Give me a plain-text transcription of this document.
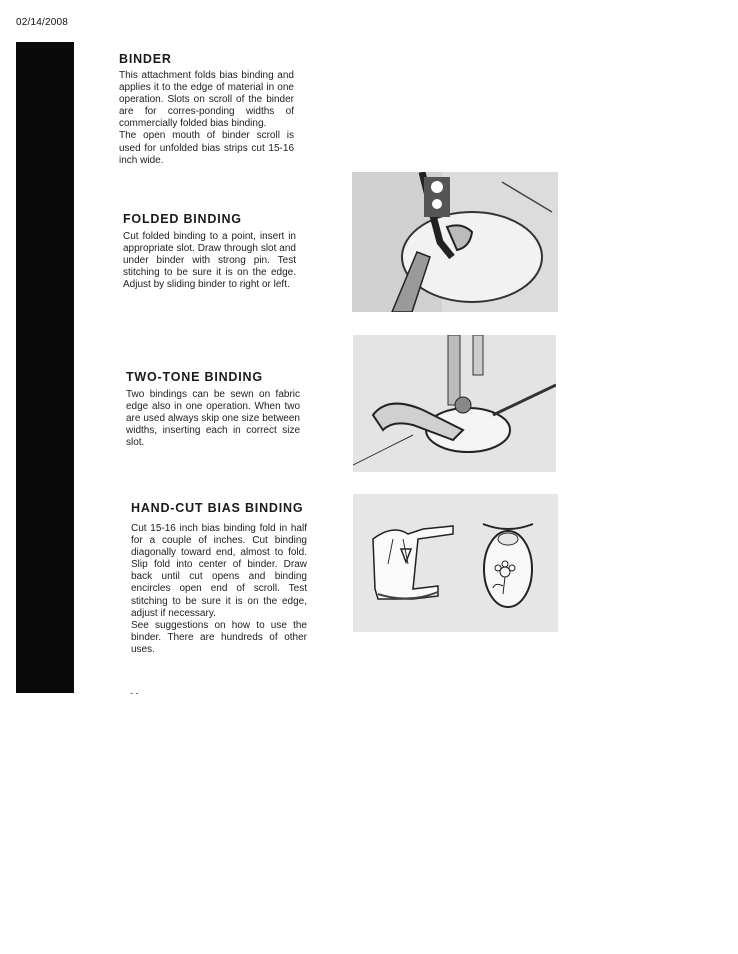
02/14/2008
BINDER

This attachment folds bias binding and applies it to the edge of material in one operation. Slots on scroll of the binder are for corres-ponding widths of commercially folded bias binding.

The open mouth of binder scroll is used for unfolded bias strips cut 15-16 inch wide.

FOLDED BINDING

Cut folded binding to a point, insert in appropriate slot. Draw through slot and under binder with strong pin. Test stitching to be sure it is on the edge. Adjust by sliding binder to right or left.

TWO-TONE BINDING

Two bindings can be sewn on fabric edge also in one operation. When two are used always skip one size between widths, inserting each in correct size slot.

HAND-CUT BIAS BINDING

Cut 15-16 inch bias binding fold in half for a couple of inches. Cut binding diagonally toward end, almost to fold. Slip fold into center of binder. Draw back until cut opens and binding encircles open end of scroll. Test stitching to be sure it is on the edge, adjust if necessary.

See suggestions on how to use the binder. There are hundreds of other uses.

- -
